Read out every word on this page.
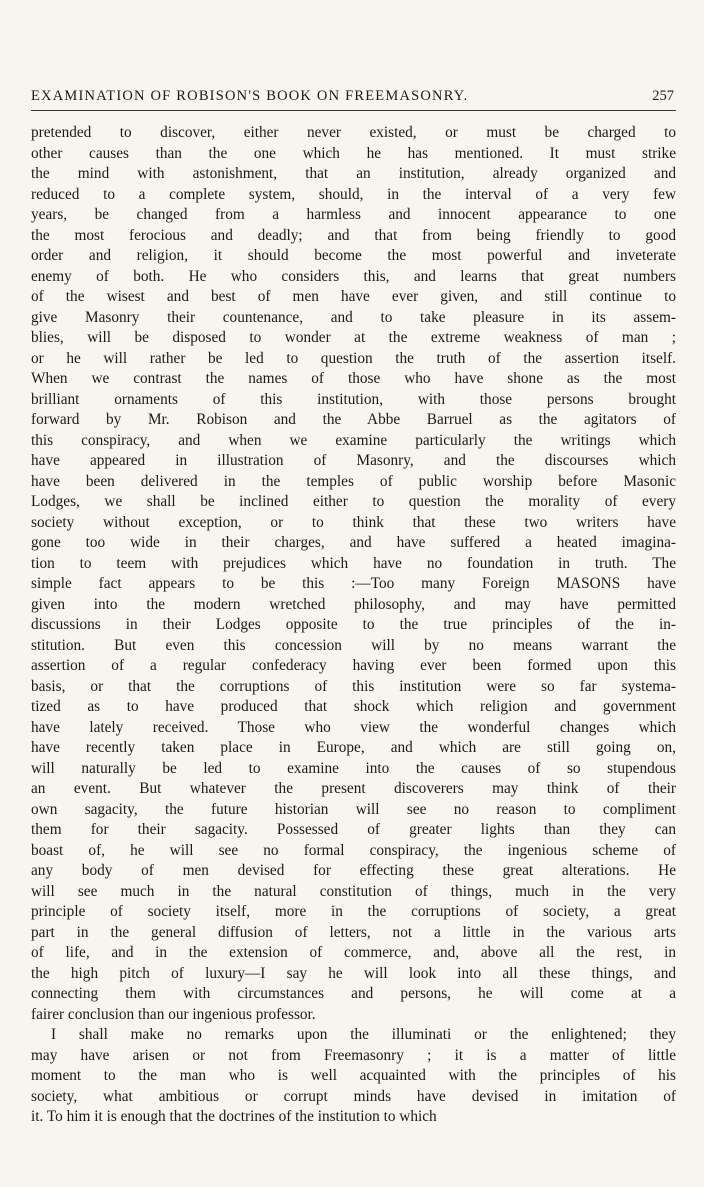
EXAMINATION OF ROBISON'S BOOK ON FREEMASONRY.	257
pretended to discover, either never existed, or must be charged to
other causes than the one which he has mentioned. It must strike
the mind with astonishment, that an institution, already organized and
reduced to a complete system, should, in the interval of a very few
years, be changed from a harmless and innocent appearance to one
the most ferocious and deadly; and that from being friendly to good
order and religion, it should become the most powerful and inveterate
enemy of both. He who considers this, and learns that great numbers
of the wisest and best of men have ever given, and still continue to
give Masonry their countenance, and to take pleasure in its assem-
blies, will be disposed to wonder at the extreme weakness of man ;
or he will rather be led to question the truth of the assertion itself.
When we contrast the names of those who have shone as the most
brilliant ornaments of this institution, with those persons brought
forward by Mr. Robison and the Abbe Barruel as the agitators of
this conspiracy, and when we examine particularly the writings which
have appeared in illustration of Masonry, and the discourses which
have been delivered in the temples of public worship before Masonic
Lodges, we shall be inclined either to question the morality of every
society without exception, or to think that these two writers have
gone too wide in their charges, and have suffered a heated imagina-
tion to teem with prejudices which have no foundation in truth. The
simple fact appears to be this :—Too many Foreign MASONS have
given into the modern wretched philosophy, and may have permitted
discussions in their Lodges opposite to the true principles of the in-
stitution. But even this concession will by no means warrant the
assertion of a regular confederacy having ever been formed upon this
basis, or that the corruptions of this institution were so far systema-
tized as to have produced that shock which religion and government
have lately received. Those who view the wonderful changes which
have recently taken place in Europe, and which are still going on,
will naturally be led to examine into the causes of so stupendous
an event. But whatever the present discoverers may think of their
own sagacity, the future historian will see no reason to compliment
them for their sagacity. Possessed of greater lights than they can
boast of, he will see no formal conspiracy, the ingenious scheme of
any body of men devised for effecting these great alterations. He
will see much in the natural constitution of things, much in the very
principle of society itself, more in the corruptions of society, a great
part in the general diffusion of letters, not a little in the various arts
of life, and in the extension of commerce, and, above all the rest, in
the high pitch of luxury—I say he will look into all these things, and
connecting them with circumstances and persons, he will come at a
fairer conclusion than our ingenious professor.
I shall make no remarks upon the illuminati or the enlightened; they
may have arisen or not from Freemasonry ; it is a matter of little
moment to the man who is well acquainted with the principles of his
society, what ambitious or corrupt minds have devised in imitation of
it. To him it is enough that the doctrines of the institution to which
